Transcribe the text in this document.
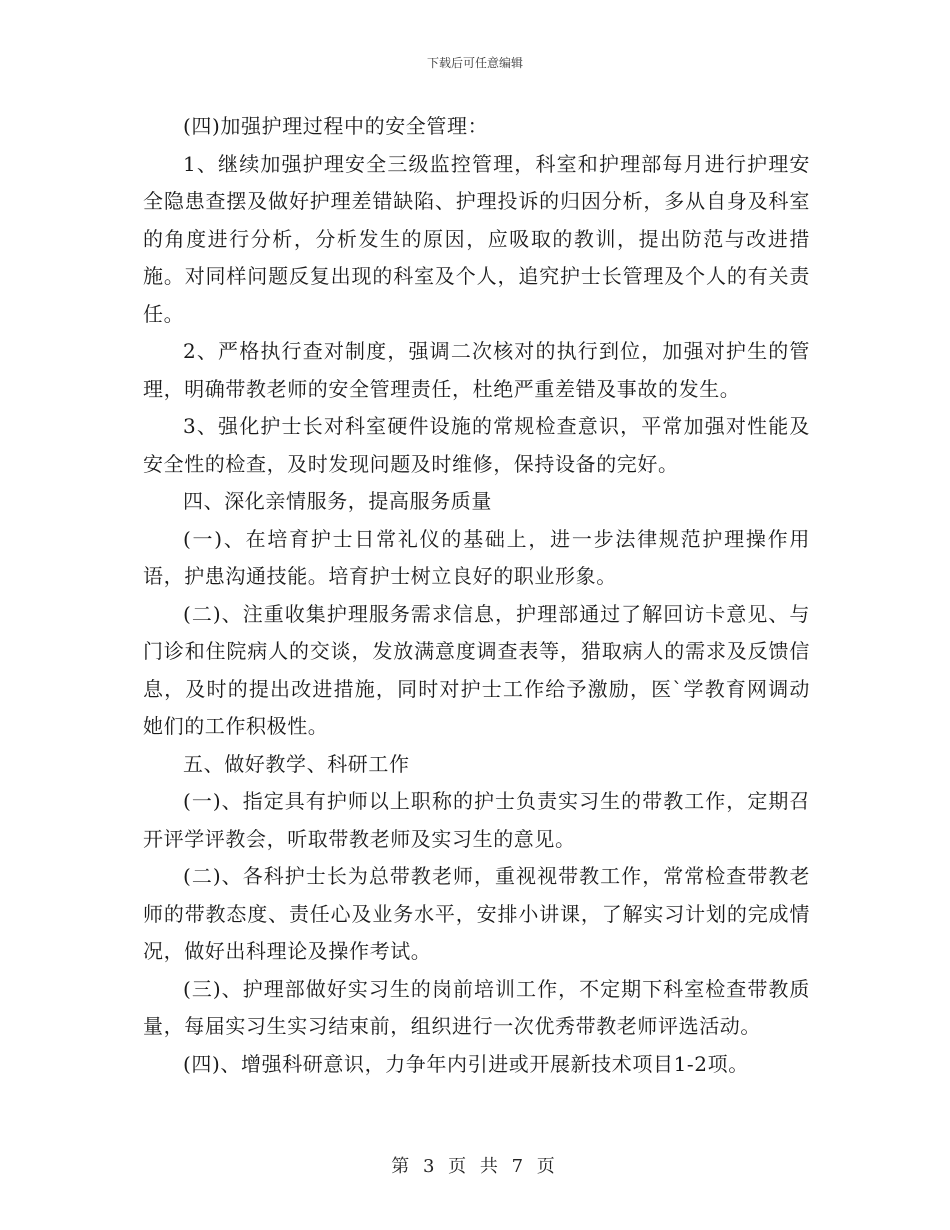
下载后可任意编辑

(四)加强护理过程中的安全管理：

1、继续加强护理安全三级监控管理，科室和护理部每月进行护理安全隐患查摆及做好护理差错缺陷、护理投诉的归因分析，多从自身及科室的角度进行分析，分析发生的原因，应吸取的教训，提出防范与改进措施。对同样问题反复出现的科室及个人，追究护士长管理及个人的有关责任。

2、严格执行查对制度，强调二次核对的执行到位，加强对护生的管理，明确带教老师的安全管理责任，杜绝严重差错及事故的发生。

3、强化护士长对科室硬件设施的常规检查意识，平常加强对性能及安全性的检查，及时发现问题及时维修，保持设备的完好。

四、深化亲情服务，提高服务质量

(一)、在培育护士日常礼仪的基础上，进一步法律规范护理操作用语，护患沟通技能。培育护士树立良好的职业形象。

(二)、注重收集护理服务需求信息，护理部通过了解回访卡意见、与门诊和住院病人的交谈，发放满意度调查表等，猎取病人的需求及反馈信息，及时的提出改进措施，同时对护士工作给予激励，医`学教育网调动她们的工作积极性。

五、做好教学、科研工作

(一)、指定具有护师以上职称的护士负责实习生的带教工作，定期召开评学评教会，听取带教老师及实习生的意见。

(二)、各科护士长为总带教老师，重视视带教工作，常常检查带教老师的带教态度、责任心及业务水平，安排小讲课，了解实习计划的完成情况，做好出科理论及操作考试。

(三)、护理部做好实习生的岗前培训工作，不定期下科室检查带教质量，每届实习生实习结束前，组织进行一次优秀带教老师评选活动。

(四)、增强科研意识，力争年内引进或开展新技术项目1-2项。

第 3 页 共 7 页
